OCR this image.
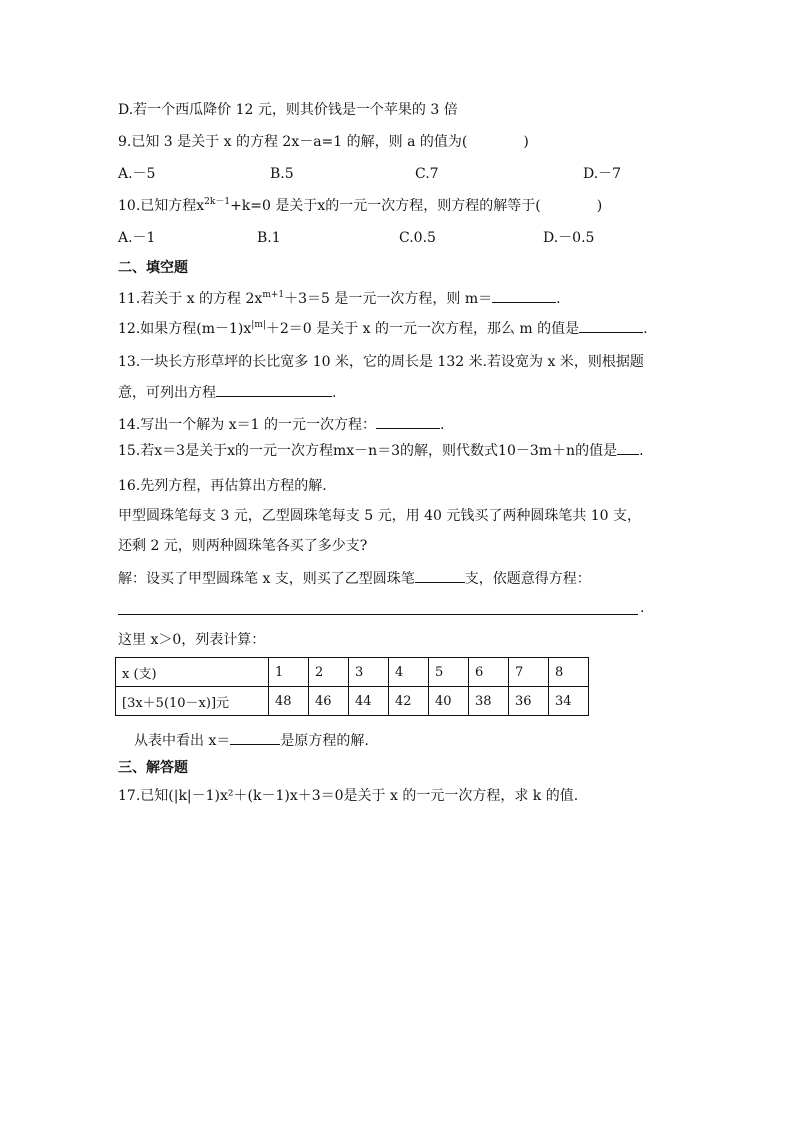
D.若一个西瓜降价 12 元，则其价钱是一个苹果的 3 倍
9.已知 3 是关于 x 的方程 2x－a=1 的解，则 a 的值为(	)
A.－5	B.5	C.7	D.－7
10.已知方程$x^{2k-1}+k=0$ 是关于x的一元一次方程，则方程的解等于(	)
A.－1	B.1	C.0.5	D.－0.5
二、填空题
11.若关于 x 的方程 $2x^{m+1}+3=5$ 是一元一次方程，则 m＝	.
12.如果方程$(m-1)x^{|m|}+2=0$ 是关于 x 的一元一次方程，那么 m 的值是	.
13.一块长方形草坪的长比宽多 10 米，它的周长是 132 米.若设宽为 x 米，则根据题
意，可列出方程	.
14.写出一个解为 x＝1 的一元一次方程：	.
15.若x＝3是关于x的一元一次方程mx－n＝3的解，则代数式10－3m＋n的值是 .
16.先列方程，再估算出方程的解.
甲型圆珠笔每支 3 元，乙型圆珠笔每支 5 元，用 40 元钱买了两种圆珠笔共 10 支，
还剩 2 元，则两种圆珠笔各买了多少支?
解：设买了甲型圆珠笔 x 支，则买了乙型圆珠笔	支，依题意得方程：
.
这里 x＞0，列表计算：
x (支)	1	2	3	4	5	6	7	8
[3x＋5(10－x)]元	48	46	44	42	40	38	36	34
从表中看出 x＝	是原方程的解.
三、解答题
17.已知(|k|－1)x²＋(k－1)x＋3＝0是关于 x 的一元一次方程，求 k 的值.
